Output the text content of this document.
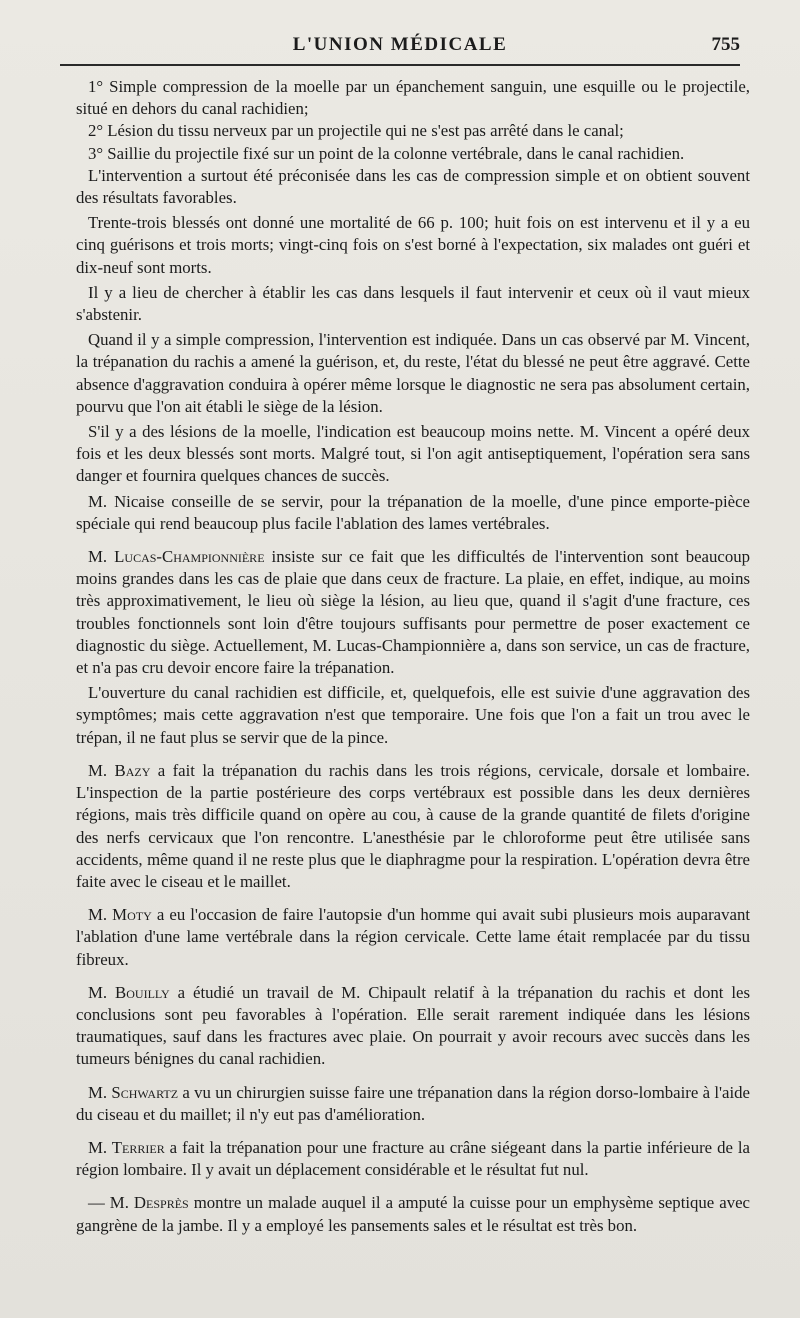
L'UNION MÉDICALE	755

1° Simple compression de la moelle par un épanchement sanguin, une esquille ou le projectile, situé en dehors du canal rachidien;

2° Lésion du tissu nerveux par un projectile qui ne s'est pas arrêté dans le canal;

3° Saillie du projectile fixé sur un point de la colonne vertébrale, dans le canal rachidien.

L'intervention a surtout été préconisée dans les cas de compression simple et on obtient souvent des résultats favorables.

Trente-trois blessés ont donné une mortalité de 66 p. 100; huit fois on est intervenu et il y a eu cinq guérisons et trois morts; vingt-cinq fois on s'est borné à l'expectation, six malades ont guéri et dix-neuf sont morts.

Il y a lieu de chercher à établir les cas dans lesquels il faut intervenir et ceux où il vaut mieux s'abstenir.

Quand il y a simple compression, l'intervention est indiquée. Dans un cas observé par M. Vincent, la trépanation du rachis a amené la guérison, et, du reste, l'état du blessé ne peut être aggravé. Cette absence d'aggravation conduira à opérer même lorsque le diagnostic ne sera pas absolument certain, pourvu que l'on ait établi le siège de la lésion.

S'il y a des lésions de la moelle, l'indication est beaucoup moins nette. M. Vincent a opéré deux fois et les deux blessés sont morts. Malgré tout, si l'on agit antiseptiquement, l'opération sera sans danger et fournira quelques chances de succès.

M. Nicaise conseille de se servir, pour la trépanation de la moelle, d'une pince emporte-pièce spéciale qui rend beaucoup plus facile l'ablation des lames vertébrales.

M. Lucas-Championnière insiste sur ce fait que les difficultés de l'intervention sont beaucoup moins grandes dans les cas de plaie que dans ceux de fracture. La plaie, en effet, indique, au moins très approximativement, le lieu où siège la lésion, au lieu que, quand il s'agit d'une fracture, ces troubles fonctionnels sont loin d'être toujours suffisants pour permettre de poser exactement ce diagnostic du siège. Actuellement, M. Lucas-Championnière a, dans son service, un cas de fracture, et n'a pas cru devoir encore faire la trépanation.

L'ouverture du canal rachidien est difficile, et, quelquefois, elle est suivie d'une aggravation des symptômes; mais cette aggravation n'est que temporaire. Une fois que l'on a fait un trou avec le trépan, il ne faut plus se servir que de la pince.

M. Bazy a fait la trépanation du rachis dans les trois régions, cervicale, dorsale et lombaire. L'inspection de la partie postérieure des corps vertébraux est possible dans les deux dernières régions, mais très difficile quand on opère au cou, à cause de la grande quantité de filets d'origine des nerfs cervicaux que l'on rencontre. L'anesthésie par le chloroforme peut être utilisée sans accidents, même quand il ne reste plus que le diaphragme pour la respiration. L'opération devra être faite avec le ciseau et le maillet.

M. Moty a eu l'occasion de faire l'autopsie d'un homme qui avait subi plusieurs mois auparavant l'ablation d'une lame vertébrale dans la région cervicale. Cette lame était remplacée par du tissu fibreux.

M. Bouilly a étudié un travail de M. Chipault relatif à la trépanation du rachis et dont les conclusions sont peu favorables à l'opération. Elle serait rarement indiquée dans les lésions traumatiques, sauf dans les fractures avec plaie. On pourrait y avoir recours avec succès dans les tumeurs bénignes du canal rachidien.

M. Schwartz a vu un chirurgien suisse faire une trépanation dans la région dorso-lombaire à l'aide du ciseau et du maillet; il n'y eut pas d'amélioration.

M. Terrier a fait la trépanation pour une fracture au crâne siégeant dans la partie inférieure de la région lombaire. Il y avait un déplacement considérable et le résultat fut nul.

— M. Desprès montre un malade auquel il a amputé la cuisse pour un emphysème septique avec gangrène de la jambe. Il y a employé les pansements sales et le résultat est très bon.
